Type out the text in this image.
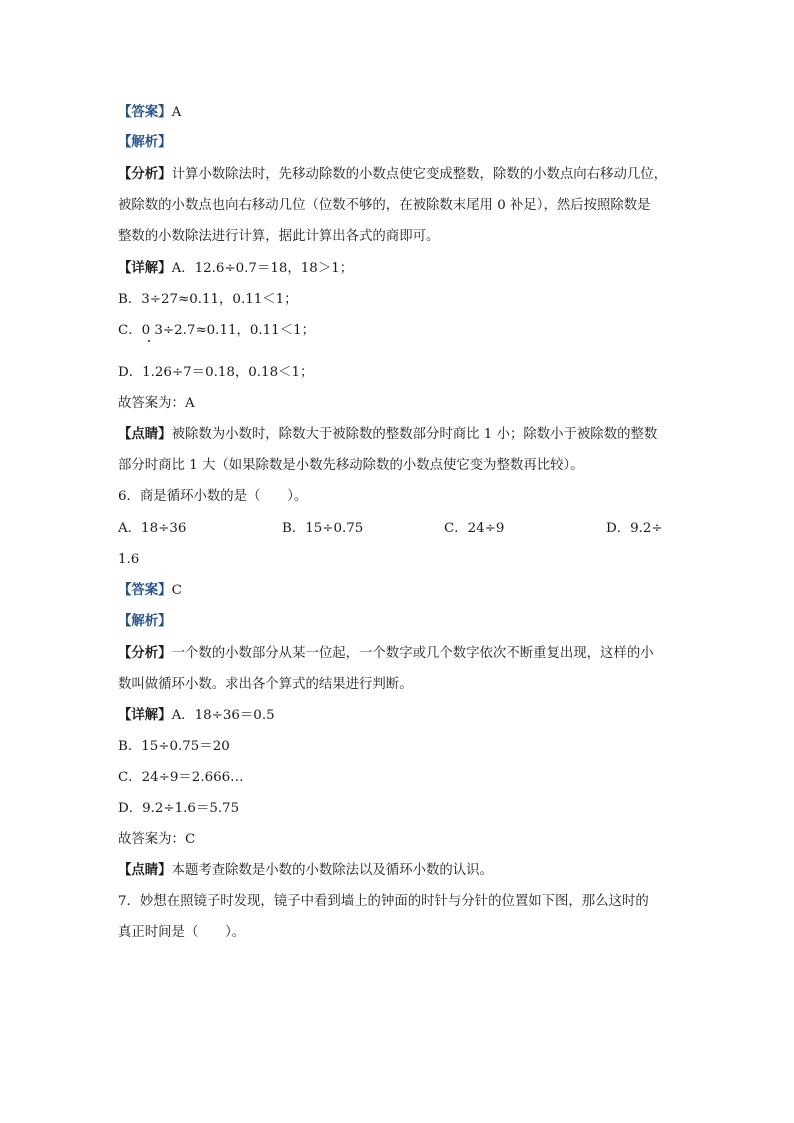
【答案】A
【解析】
【分析】计算小数除法时，先移动除数的小数点使它变成整数，除数的小数点向右移动几位，
被除数的小数点也向右移动几位（位数不够的，在被除数末尾用 0 补足），然后按照除数是
整数的小数除法进行计算，据此计算出各式的商即可。
【详解】A．12.6÷0.7＝18，18＞1；
B．3÷27≈0.11，0.11＜1；
C．0 3÷2.7≈0.11，0.11＜1；
D．1.26÷7＝0.18，0.18＜1；
故答案为：A
【点睛】被除数为小数时，除数大于被除数的整数部分时商比 1 小；除数小于被除数的整数
部分时商比 1 大（如果除数是小数先移动除数的小数点使它变为整数再比较）。
6．商是循环小数的是（　　）。
A．18÷36	B．15÷0.75	C．24÷9	D．9.2÷
1.6
【答案】C
【解析】
【分析】一个数的小数部分从某一位起，一个数字或几个数字依次不断重复出现，这样的小
数叫做循环小数。求出各个算式的结果进行判断。
【详解】A．18÷36＝0.5
B．15÷0.75＝20
C．24÷9＝2.666…
D．9.2÷1.6＝5.75
故答案为：C
【点睛】本题考查除数是小数的小数除法以及循环小数的认识。
7．妙想在照镜子时发现，镜子中看到墙上的钟面的时针与分针的位置如下图，那么这时的
真正时间是（　　）。
